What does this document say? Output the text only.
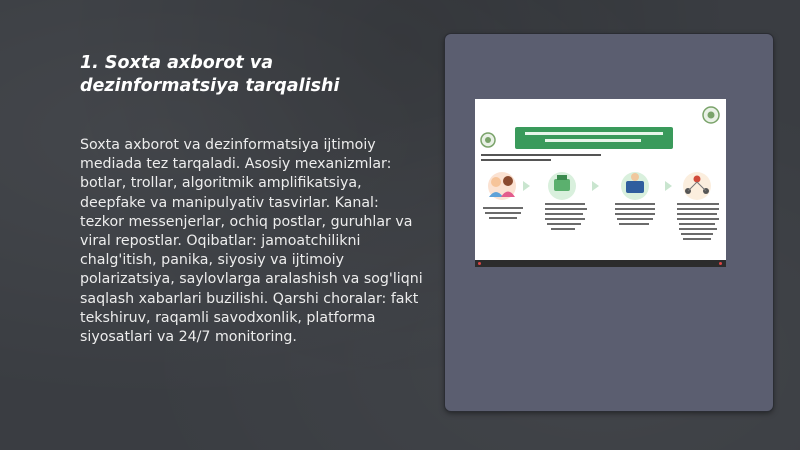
1. Soxta axborot va dezinformatsiya tarqalishi

Soxta axborot va dezinformatsiya ijtimoiy mediada tez tarqaladi. Asosiy mexanizmlar: botlar, trollar, algoritmik amplifikatsiya, deepfake va manipulyativ tasvirlar. Kanal: tezkor messenjerlar, ochiq postlar, guruhlar va viral repostlar. Oqibatlar: jamoatchilikni chalg'itish, panika, siyosiy va ijtimoiy polarizatsiya, saylovlarga aralashish va sog'liqni saqlash xabarlari buzilishi. Qarshi choralar: fakt tekshiruv, raqamli savodxonlik, platforma siyosatlari va 24/7 monitoring.
